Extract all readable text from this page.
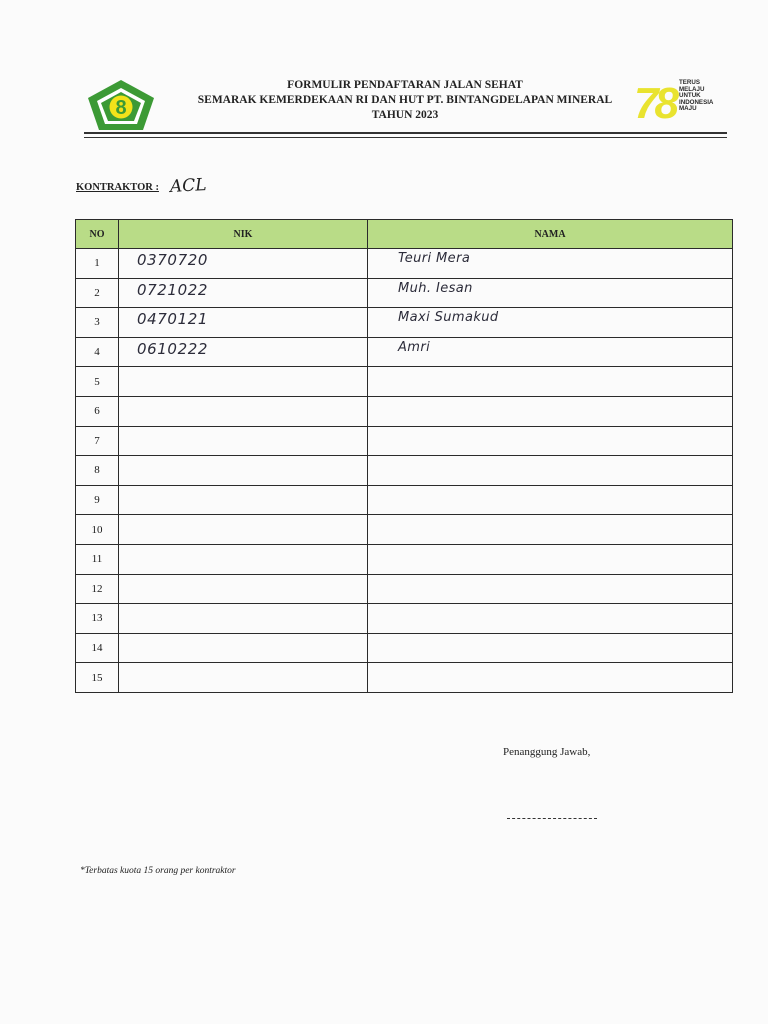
8
FORMULIR PENDAFTARAN JALAN SEHAT
SEMARAK KEMERDEKAAN RI DAN HUT PT. BINTANGDELAPAN MINERAL
TAHUN 2023	78 TERUS
MELAJU
UNTUK
INDONESIA
MAJU
KONTRAKTOR : ACL
NO	NIK	NAMA
1	0370720	Teuri Mera

2	0721022	Muh. Iesan

3	0470121	Maxi Sumakud

4	0610222	Amri

5	

6	

7	

8	

9	

10	

11	

12	

13	

14	

15	

Penanggung Jawab,
*Terbatas kuota 15 orang per kontraktor
